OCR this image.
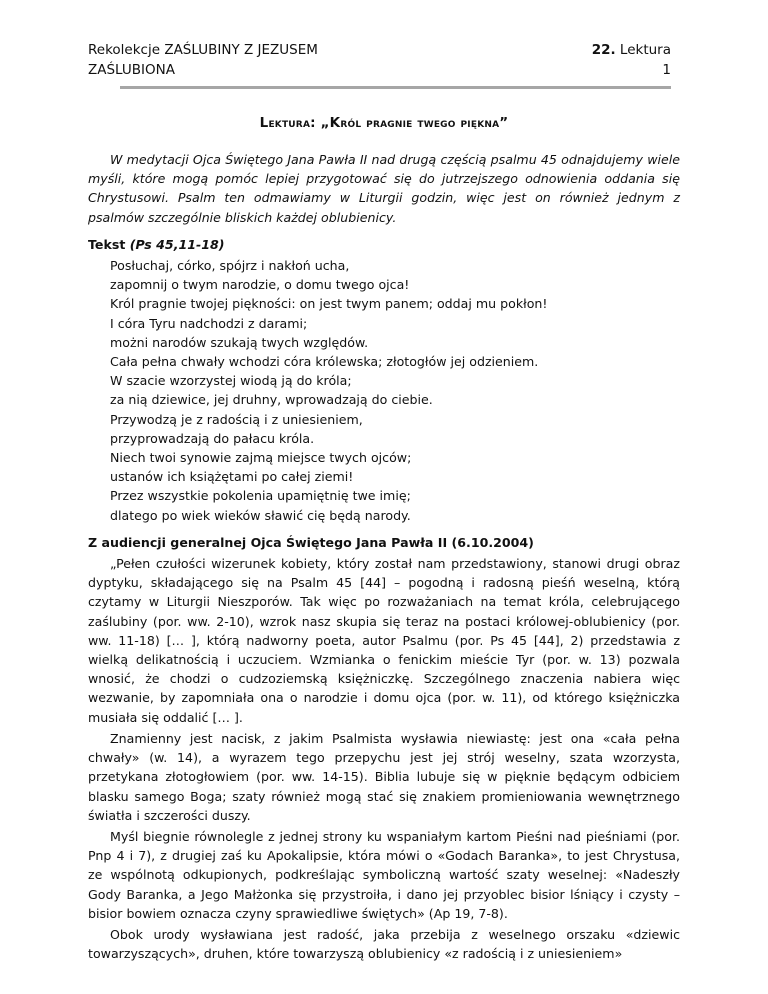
Rekolekcje ZAŚLUBINY Z JEZUSEM
ZAŚLUBIONA
22. Lektura
1
Lektura: „Król pragnie twego piękna”

W medytacji Ojca Świętego Jana Pawła II nad drugą częścią psalmu 45 odnajdujemy wiele myśli, które mogą pomóc lepiej przygotować się do jutrzejszego odnowienia oddania się Chrystusowi. Psalm ten odmawiamy w Liturgii godzin, więc jest on również jednym z psalmów szczególnie bliskich każdej oblubienicy.

Tekst (Ps 45,11-18)
Posłuchaj, córko, spójrz i nakłoń ucha,
zapomnij o twym narodzie, o domu twego ojca!
Król pragnie twojej piękności: on jest twym panem; oddaj mu pokłon!
I córa Tyru nadchodzi z darami;
możni narodów szukają twych względów.
Cała pełna chwały wchodzi córa królewska; złotogłów jej odzieniem.
W szacie wzorzystej wiodą ją do króla;
za nią dziewice, jej druhny, wprowadzają do ciebie.
Przywodzą je z radością i z uniesieniem,
przyprowadzają do pałacu króla.
Niech twoi synowie zajmą miejsce twych ojców;
ustanów ich książętami po całej ziemi!
Przez wszystkie pokolenia upamiętnię twe imię;
dlatego po wiek wieków sławić cię będą narody.
Z audiencji generalnej Ojca Świętego Jana Pawła II (6.10.2004)

„Pełen czułości wizerunek kobiety, który został nam przedstawiony, stanowi drugi obraz dyptyku, składającego się na Psalm 45 [44] – pogodną i radosną pieśń weselną, którą czytamy w Liturgii Nieszporów. Tak więc po rozważaniach na temat króla, celebrującego zaślubiny (por. ww. 2-10), wzrok nasz skupia się teraz na postaci królowej-oblubienicy (por. ww. 11-18) [… ], którą nadworny poeta, autor Psalmu (por. Ps 45 [44], 2) przedstawia z wielką delikatnością i uczuciem. Wzmianka o fenickim mieście Tyr (por. w. 13) pozwala wnosić, że chodzi o cudzoziemską księżniczkę. Szczególnego znaczenia nabiera więc wezwanie, by zapomniała ona o narodzie i domu ojca (por. w. 11), od którego księżniczka musiała się oddalić [… ].

Znamienny jest nacisk, z jakim Psalmista wysławia niewiastę: jest ona «cała pełna chwały» (w. 14), a wyrazem tego przepychu jest jej strój weselny, szata wzorzysta, przetykana złotogłowiem (por. ww. 14-15). Biblia lubuje się w pięknie będącym odbiciem blasku samego Boga; szaty również mogą stać się znakiem promieniowania wewnętrznego światła i szczerości duszy.

Myśl biegnie równolegle z jednej strony ku wspaniałym kartom Pieśni nad pieśniami (por. Pnp 4 i 7), z drugiej zaś ku Apokalipsie, która mówi o «Godach Baranka», to jest Chrystusa, ze wspólnotą odkupionych, podkreślając symboliczną wartość szaty weselnej: «Nadeszły Gody Baranka, a Jego Małżonka się przystroiła, i dano jej przyoblec bisior lśniący i czysty – bisior bowiem oznacza czyny sprawiedliwe świętych» (Ap 19, 7-8).

Obok urody wysławiana jest radość, jaka przebija z weselnego orszaku «dziewic towarzyszących», druhen, które towarzyszą oblubienicy «z radością i z uniesieniem»
